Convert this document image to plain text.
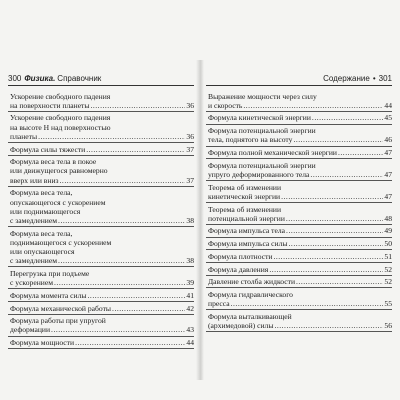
300 Физика. Справочник
Ускорение свободного падения
на поверхности планеты .....	36
Ускорение свободного падения
на высоте H над поверхностью
планеты .....	36
Формула силы тяжести .....	37
Формула веса тела в покое
или движущегося равномерно
вверх или вниз .....	37
Формула веса тела,
опускающегося с ускорением
или поднимающегося
с замедлением .....	38
Формула веса тела,
поднимающегося с ускорением
или опускающегося
с замедлением .....	38
Перегрузка при подъеме
с ускорением .....	39
Формула момента силы .....	41
Формула механической работы .....	42
Формула работы при упругой
деформации .....	43
Формула мощности .....	44
Содержание • 301
Выражение мощности через силу
и скорость .....	44
Формула кинетической энергии .....	45
Формула потенциальной энергии
тела, поднятого на высоту .....	46
Формула полной механической энергии .....	47
Формула потенциальной энергии
упруго деформированного тела .....	47
Теорема об изменении
кинетической энергии .....	47
Теорема об изменении
потенциальной энергии .....	48
Формула импульса тела .....	49
Формула импульса силы .....	50
Формула плотности .....	51
Формула давления .....	52
Давление столба жидкости .....	52
Формула гидравлического
пресса .....	55
Формула выталкивающей
(архимедовой) силы .....	56
